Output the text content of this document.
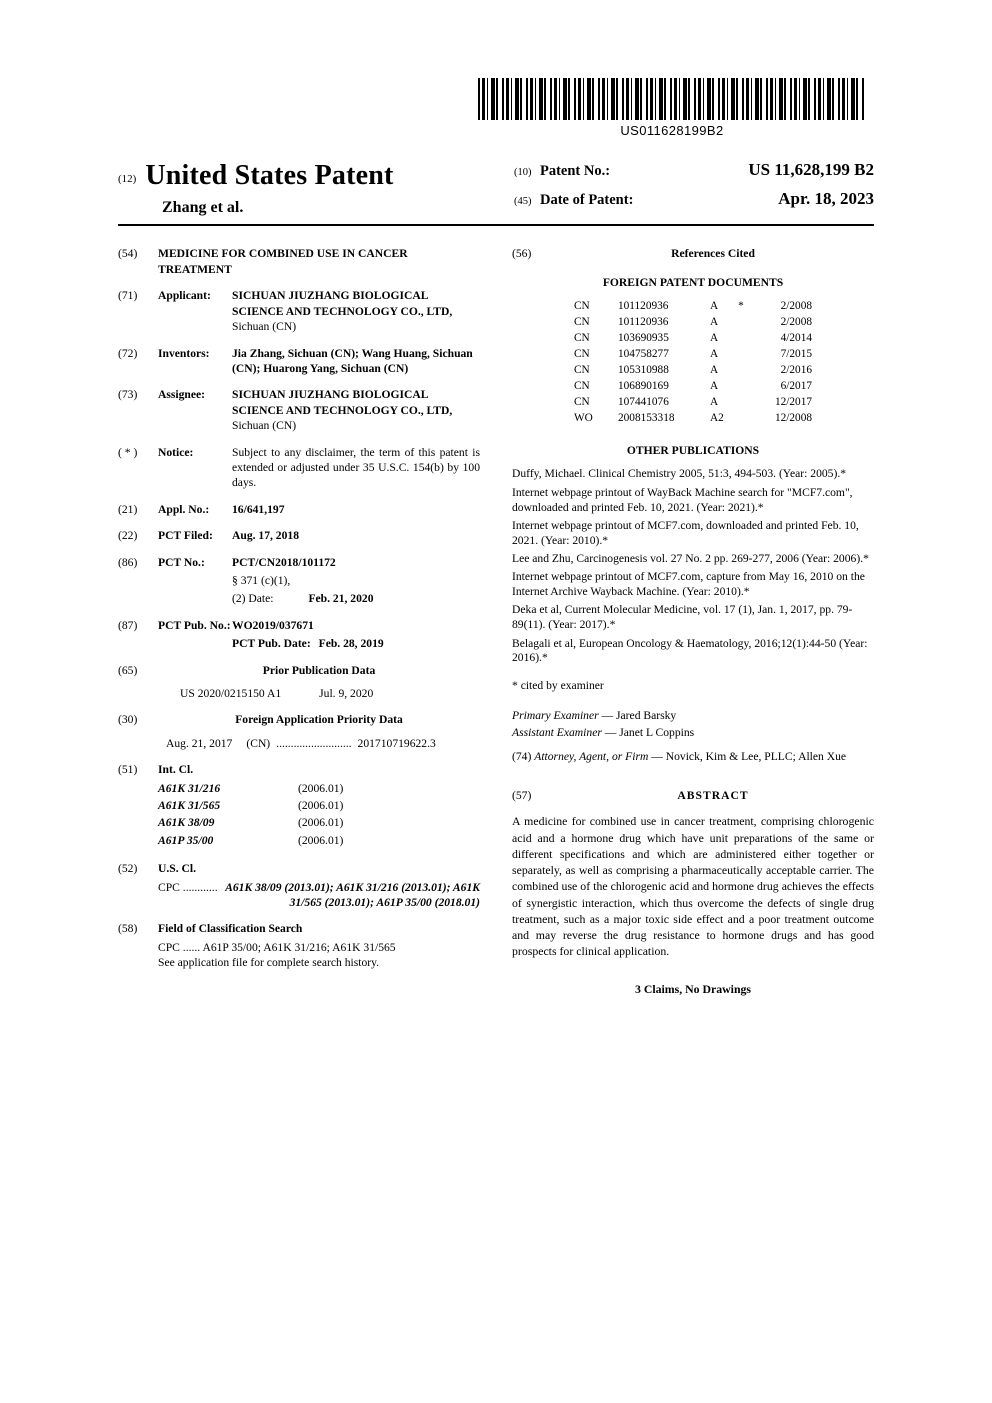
US011628199B2
(12) United States Patent
Zhang et al.
(10) Patent No.:	US 11,628,199 B2
(45) Date of Patent:	Apr. 18, 2023
(54)	MEDICINE FOR COMBINED USE IN CANCER TREATMENT
(71)	Applicant:	SICHUAN JIUZHANG BIOLOGICAL SCIENCE AND TECHNOLOGY CO., LTD, Sichuan (CN)
(72)	Inventors:	Jia Zhang, Sichuan (CN); Wang Huang, Sichuan (CN); Huarong Yang, Sichuan (CN)
(73)	Assignee:	SICHUAN JIUZHANG BIOLOGICAL SCIENCE AND TECHNOLOGY CO., LTD, Sichuan (CN)
( * )	Notice:	Subject to any disclaimer, the term of this patent is extended or adjusted under 35 U.S.C. 154(b) by 100 days.
(21)	Appl. No.:	16/641,197
(22)	PCT Filed:	Aug. 17, 2018
(86)	PCT No.:	PCT/CN2018/101172
§ 371 (c)(1),
(2) Date:	Feb. 21, 2020
(87)	PCT Pub. No.: WO2019/037671
PCT Pub. Date: Feb. 28, 2019
(65)	Prior Publication Data
US 2020/0215150 A1	Jul. 9, 2020
(30)	Foreign Application Priority Data
Aug. 21, 2017 (CN) .......................... 201710719622.3
(51)	Int. Cl.
A61K 31/216	(2006.01)
A61K 31/565	(2006.01)
A61K 38/09	(2006.01)
A61P 35/00	(2006.01)
(52)	U.S. Cl.
CPC ............ A61K 38/09 (2013.01); A61K 31/216 (2013.01); A61K 31/565 (2013.01); A61P 35/00 (2018.01)
(58)	Field of Classification Search
CPC ...... A61P 35/00; A61K 31/216; A61K 31/565
See application file for complete search history.
(56)	References Cited
FOREIGN PATENT DOCUMENTS
CN	101120936	A	*	2/2008
CN	101120936	A		2/2008
CN	103690935	A		4/2014
CN	104758277	A		7/2015
CN	105310988	A		2/2016
CN	106890169	A		6/2017
CN	107441076	A		12/2017
WO	2008153318	A2		12/2008
OTHER PUBLICATIONS

Duffy, Michael. Clinical Chemistry 2005, 51:3, 494-503. (Year: 2005).*

Internet webpage printout of WayBack Machine search for "MCF7.com", downloaded and printed Feb. 10, 2021. (Year: 2021).*

Internet webpage printout of MCF7.com, downloaded and printed Feb. 10, 2021. (Year: 2010).*

Lee and Zhu, Carcinogenesis vol. 27 No. 2 pp. 269-277, 2006 (Year: 2006).*

Internet webpage printout of MCF7.com, capture from May 16, 2010 on the Internet Archive Wayback Machine. (Year: 2010).*

Deka et al, Current Molecular Medicine, vol. 17 (1), Jan. 1, 2017, pp. 79-89(11). (Year: 2017).*

Belagali et al, European Oncology & Haematology, 2016;12(1):44-50 (Year: 2016).*

* cited by examiner
Primary Examiner — Jared Barsky
Assistant Examiner — Janet L Coppins
(74) Attorney, Agent, or Firm — Novick, Kim & Lee, PLLC; Allen Xue
(57)	ABSTRACT
A medicine for combined use in cancer treatment, comprising chlorogenic acid and a hormone drug which have unit preparations of the same or different specifications and which are administered either together or separately, as well as comprising a pharmaceutically acceptable carrier. The combined use of the chlorogenic acid and hormone drug achieves the effects of synergistic interaction, which thus overcome the defects of single drug treatment, such as a major toxic side effect and a poor treatment outcome and may reverse the drug resistance to hormone drugs and has good prospects for clinical application.
3 Claims, No Drawings
